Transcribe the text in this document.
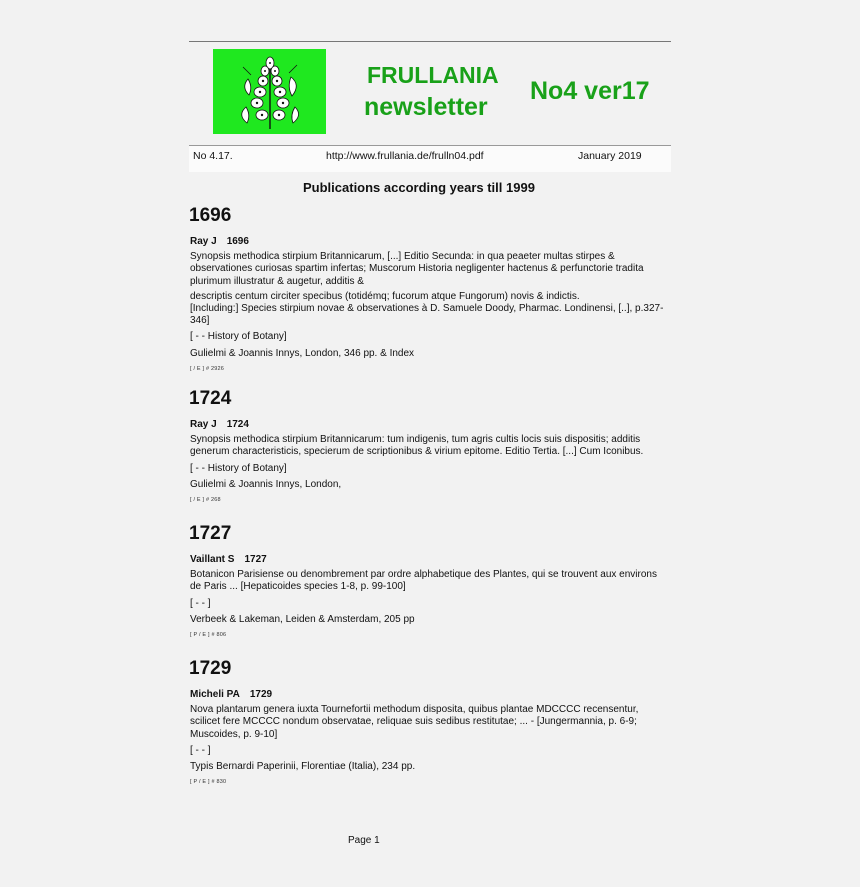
FRULLANIA
newsletter
No4 ver17
No 4.17.	http://www.frullania.de/frulln04.pdf	January 2019
Publications according years till 1999
1696
Ray J 1696

Synopsis methodica stirpium Britannicarum, [...] Editio Secunda: in qua peaeter multas stirpes & observationes curiosas spartim infertas; Muscorum Historia negligenter hactenus & perfunctorie tradita plurimum illustratur & augetur, additis &

descriptis centum circiter specibus (totidémq; fucorum atque Fungorum) novis & indictis.

[Including:] Species stirpium novae & observationes à D. Samuele Doody, Pharmac. Londinensi, [..], p.327-346]

[ - - History of Botany]

Gulielmi & Joannis Innys, London, 346 pp. & Index

[ / E ] # 2926
1724
Ray J 1724

Synopsis methodica stirpium Britannicarum: tum indigenis, tum agris cultis locis suis dispositis; additis generum characteristicis, specierum de scriptionibus & virium epitome. Editio Tertia. [...] Cum Iconibus.

[ - - History of Botany]

Gulielmi & Joannis Innys, London,

[ / E ] # 268
1727
Vaillant S 1727

Botanicon Parisiense ou denombrement par ordre alphabetique des Plantes, qui se trouvent aux environs de Paris ... [Hepaticoides species 1-8, p. 99-100]

[ - - ]

Verbeek & Lakeman, Leiden & Amsterdam, 205 pp

[ P / E ] # 806
1729
Micheli PA 1729

Nova plantarum genera iuxta Tournefortii methodum disposita, quibus plantae MDCCCC recensentur, scilicet fere MCCCC nondum observatae, reliquae suis sedibus restitutae; ... - [Jungermannia, p. 6-9; Muscoides, p. 9-10]

[ - - ]

Typis Bernardi Paperinii, Florentiae (Italia), 234 pp.

[ P / E ] # 830
Page 1
